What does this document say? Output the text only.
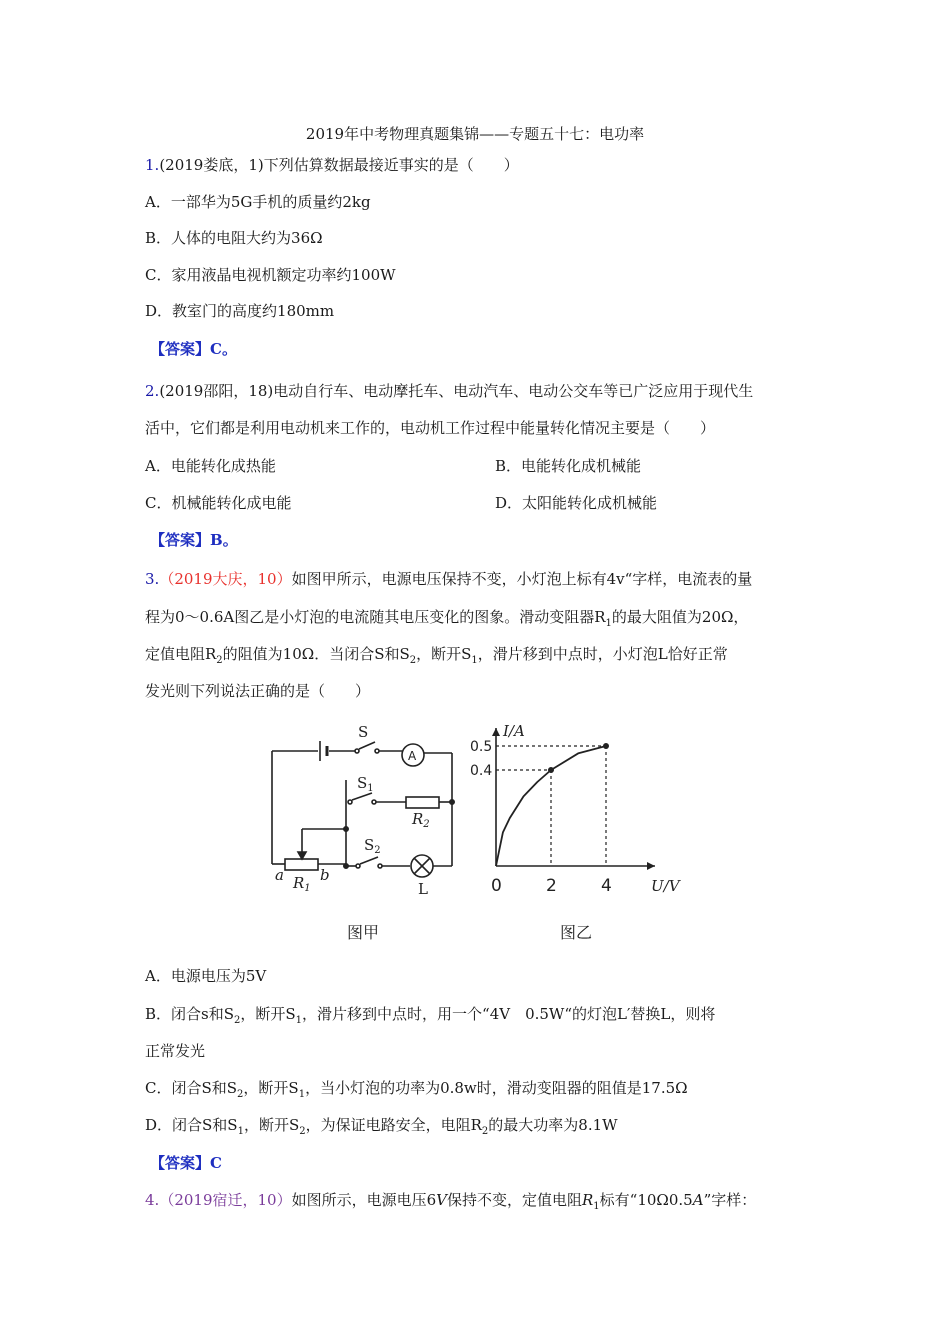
2019年中考物理真题集锦——专题五十七：电功率
1.(2019娄底，1)下列估算数据最接近事实的是（　　）
A．一部华为5G手机的质量约2kg
B．人体的电阻大约为36Ω
C．家用液晶电视机额定功率约100W
D．教室门的高度约180mm
【答案】C。
2.(2019邵阳，18)电动自行车、电动摩托车、电动汽车、电动公交车等已广泛应用于现代生
活中，它们都是利用电动机来工作的，电动机工作过程中能量转化情况主要是（　　）
A．电能转化成热能	B．电能转化成机械能
C．机械能转化成电能	D．太阳能转化成机械能
【答案】B。
3.（2019大庆，10）如图甲所示，电源电压保持不变，小灯泡上标有4v“字样，电流表的量
程为0～0.6A图乙是小灯泡的电流随其电压变化的图象。滑动变阻器$R_1$的最大阻值为20Ω，
定值电阻$R_2$的阻值为10Ω．当闭合S和$S_2$，断开$S_1$，滑片移到中点时，小灯泡L恰好正常
发光则下列说法正确的是（　　）
S
A
$S_1$
$R_2$
$S_2$
a $R_1$
b
L
I/A
U/V
0	2	4
0.4
0.5
图甲	图乙
A．电源电压为5V
B．闭合s和$S_2$，断开$S_1$，滑片移到中点时，用一个“4V　0.5W“的灯泡L′替换L，则将
正常发光
C．闭合S和$S_2$，断开$S_1$，当小灯泡的功率为0.8w时，滑动变阻器的阻值是17.5Ω
D．闭合S和$S_1$，断开$S_2$，为保证电路安全，电阻$R_2$的最大功率为8.1W
【答案】C
4.（2019宿迁，10）如图所示，电源电压6V保持不变，定值电阻$R_1$标有“10Ω0.5A”字样：
